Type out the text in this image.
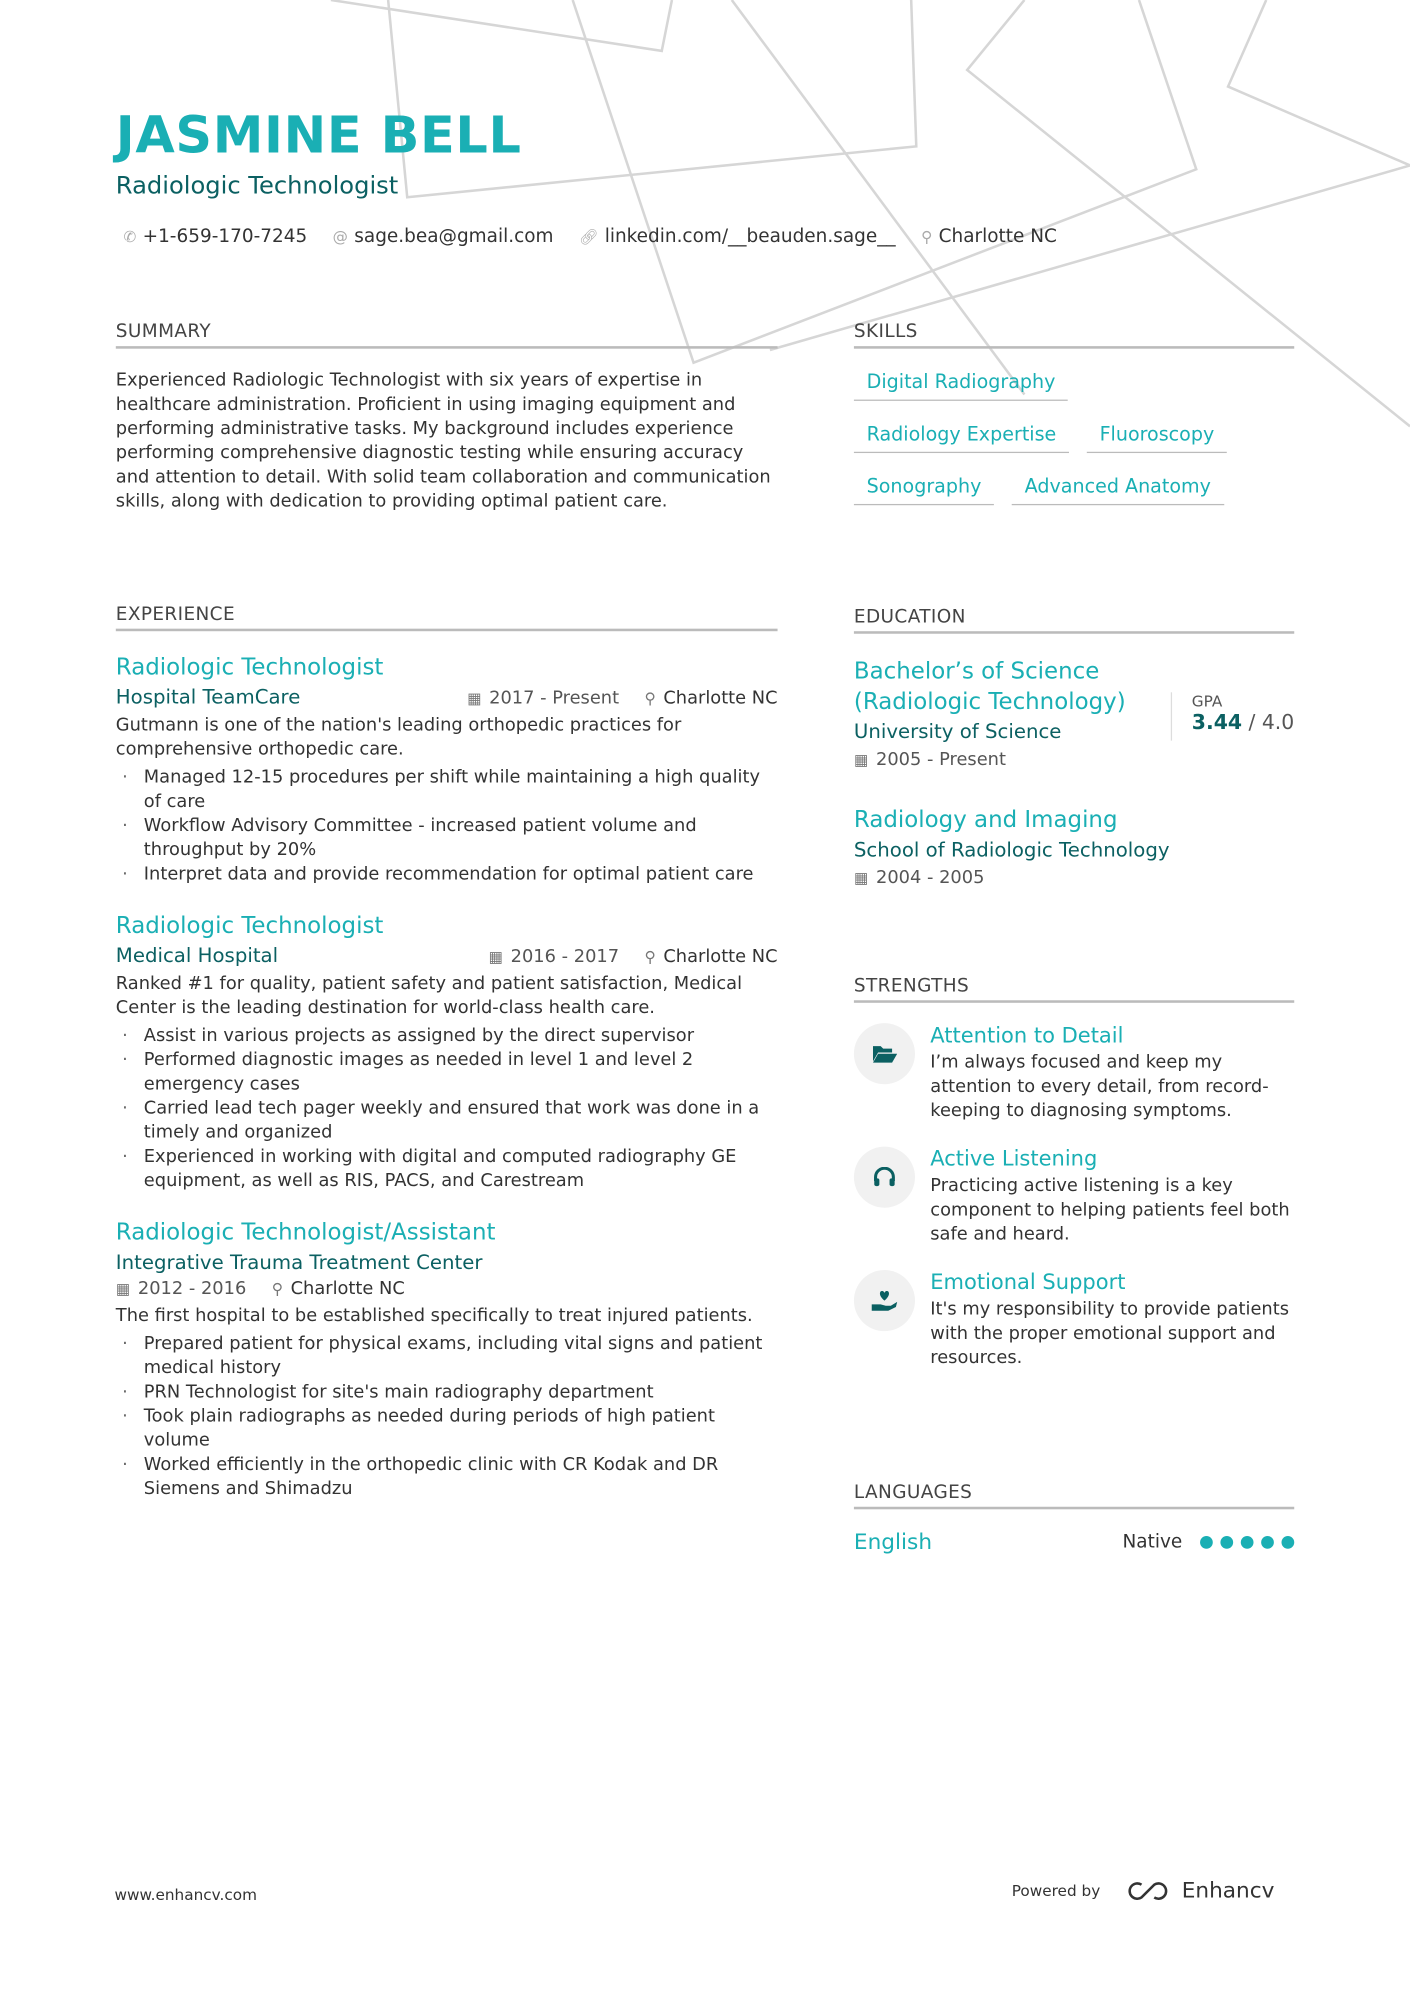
JASMINE BELL
Radiologic Technologist
✆ +1-659-170-7245 @ sage.bea@gmail.com 🔗︎ linkedin.com/__beauden.sage__ ⚲ Charlotte NC
SUMMARY
Experienced Radiologic Technologist with six years of expertise in healthcare administration. Proficient in using imaging equipment and performing administrative tasks. My background includes experience performing comprehensive diagnostic testing while ensuring accuracy and attention to detail. With solid team collaboration and communication skills, along with dedication to providing optimal patient care.
EXPERIENCE
Radiologic Technologist
Hospital TeamCare	▦ 2017 - Present ⚲ Charlotte NC
Gutmann is one of the nation's leading orthopedic practices for comprehensive orthopedic care.
· Managed 12-15 procedures per shift while maintaining a high quality of care
· Workflow Advisory Committee - increased patient volume and throughput by 20%
· Interpret data and provide recommendation for optimal patient care
Radiologic Technologist
Medical Hospital	▦ 2016 - 2017 ⚲ Charlotte NC
Ranked #1 for quality, patient safety and patient satisfaction, Medical Center is the leading destination for world-class health care.
· Assist in various projects as assigned by the direct supervisor
· Performed diagnostic images as needed in level 1 and level 2 emergency cases
· Carried lead tech pager weekly and ensured that work was done in a timely and organized
· Experienced in working with digital and computed radiography GE equipment, as well as RIS, PACS, and Carestream
Radiologic Technologist/Assistant
Integrative Trauma Treatment Center
▦ 2012 - 2016 ⚲ Charlotte NC
The first hospital to be established specifically to treat injured patients.
· Prepared patient for physical exams, including vital signs and patient medical history
· PRN Technologist for site's main radiography department
· Took plain radiographs as needed during periods of high patient volume
· Worked efficiently in the orthopedic clinic with CR Kodak and DR Siemens and Shimadzu
SKILLS
Digital Radiography
Radiology Expertise	Fluoroscopy
Sonography	Advanced Anatomy
EDUCATION
Bachelor’s of Science (Radiologic Technology)
University of Science
▦ 2005 - Present
GPA
3.44 / 4.0
Radiology and Imaging
School of Radiologic Technology
▦ 2004 - 2005
STRENGTHS
Attention to Detail
I’m always focused and keep my attention to every detail, from record-keeping to diagnosing symptoms.
Active Listening
Practicing active listening is a key component to helping patients feel both safe and heard.
Emotional Support
It's my responsibility to provide patients with the proper emotional support and resources.
LANGUAGES
English	Native
www.enhancv.com	Powered by	Enhancv
